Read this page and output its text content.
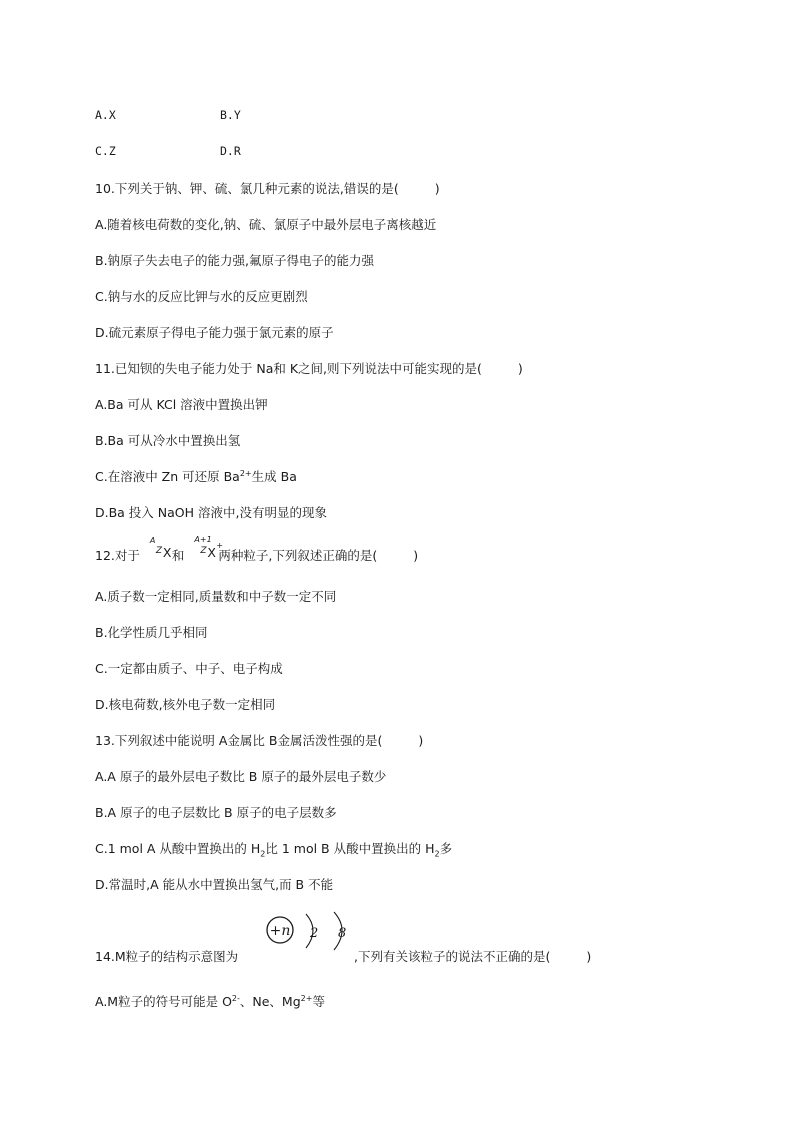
A.X	B.Y
C.Z	D.R
10.下列关于钠、钾、硫、氯几种元素的说法,错误的是(	)
A.随着核电荷数的变化,钠、硫、氯原子中最外层电子离核越近
B.钠原子失去电子的能力强,氟原子得电子的能力强
C.钠与水的反应比钾与水的反应更剧烈
D.硫元素原子得电子能力强于氯元素的原子
11.已知钡的失电子能力处于 Na和 K之间,则下列说法中可能实现的是(	)
A.Ba 可从 KCl 溶液中置换出钾
B.Ba 可从冷水中置换出氢
C.在溶液中 Zn 可还原 $Ba^{2+}$生成 Ba
D.Ba 投入 NaOH 溶液中,没有明显的现象
12.对于
A
Z X 和
A+1
Z X +
两种粒子,下列叙述正确的是(	)
A.质子数一定相同,质量数和中子数一定不同
B.化学性质几乎相同
C.一定都由质子、中子、电子构成
D.核电荷数,核外电子数一定相同
13.下列叙述中能说明 A金属比 B金属活泼性强的是(	)
A.A 原子的最外层电子数比 B 原子的最外层电子数少
B.A 原子的电子层数比 B 原子的电子层数多
C.1 mol A 从酸中置换出的 $H_2$比 1 mol B 从酸中置换出的 $H_2$多
D.常温时,A 能从水中置换出氢气,而 B 不能
14.M粒子的结构示意图为
+n 2 8
,下列有关该粒子的说法不正确的是(	)
A.M粒子的符号可能是 $O^{2-}$、Ne、$Mg^{2+}$等
